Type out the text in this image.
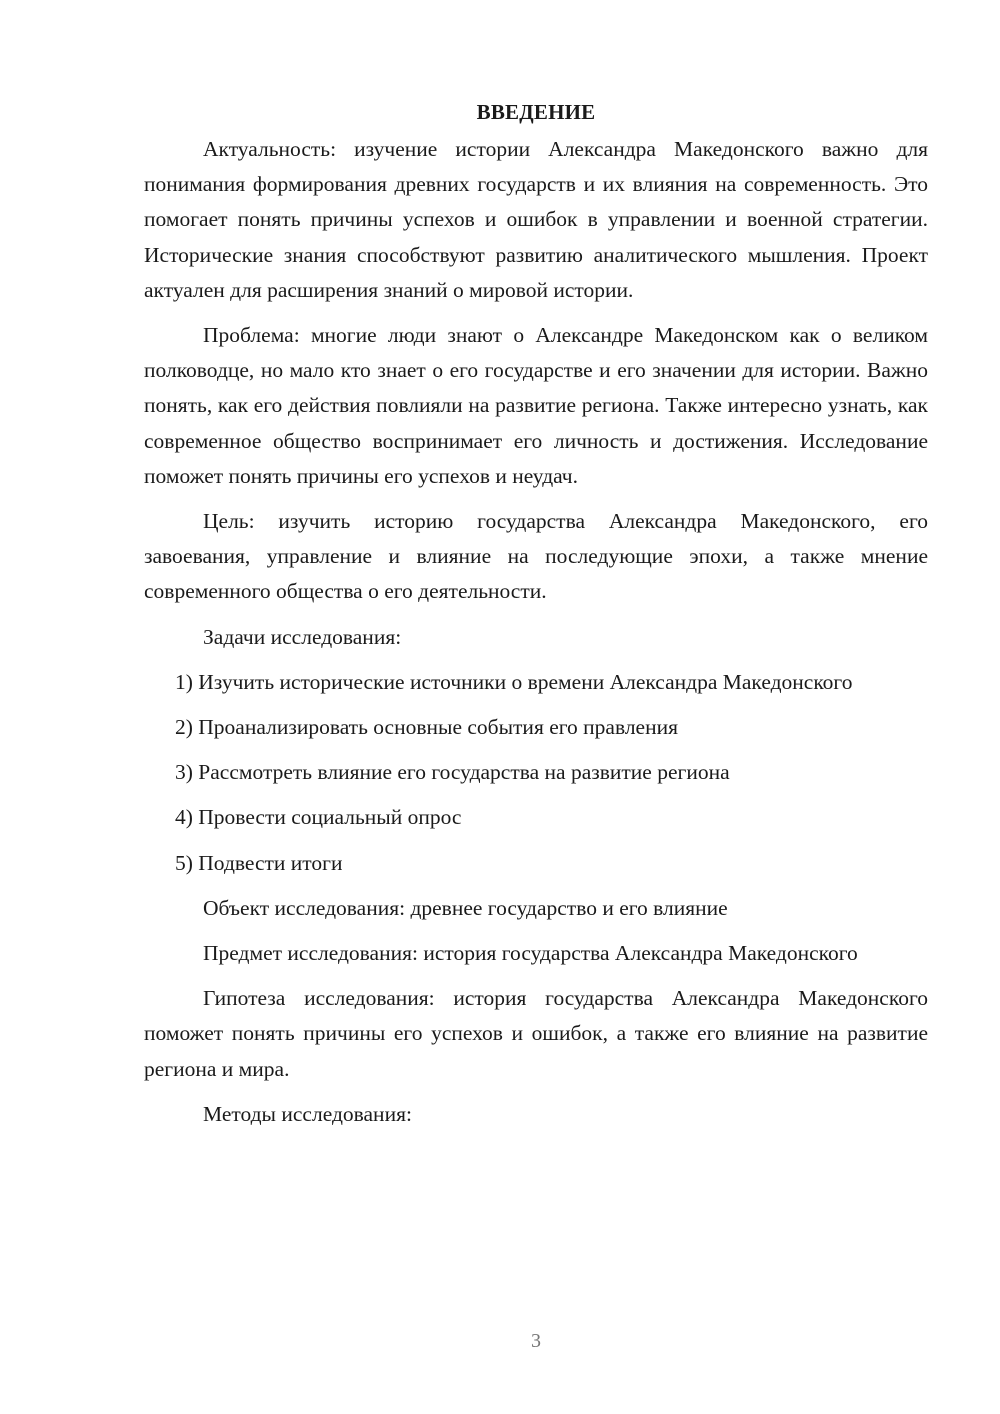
ВВЕДЕНИЕ

Актуальность: изучение истории Александра Македонского важно для понимания формирования древних государств и их влияния на современность. Это помогает понять причины успехов и ошибок в управлении и военной стратегии. Исторические знания способствуют развитию аналитического мышления. Проект актуален для расширения знаний о мировой истории.

Проблема: многие люди знают о Александре Македонском как о великом полководце, но мало кто знает о его государстве и его значении для истории. Важно понять, как его действия повлияли на развитие региона. Также интересно узнать, как современное общество воспринимает его личность и достижения. Исследование поможет понять причины его успехов и неудач.

Цель: изучить историю государства Александра Македонского, его завоевания, управление и влияние на последующие эпохи, а также мнение современного общества о его деятельности.

Задачи исследования:

1) Изучить исторические источники о времени Александра Македонского

2) Проанализировать основные события его правления

3) Рассмотреть влияние его государства на развитие региона

4) Провести социальный опрос

5) Подвести итоги

Объект исследования: древнее государство и его влияние

Предмет исследования: история государства Александра Македонского

Гипотеза исследования: история государства Александра Македонского поможет понять причины его успехов и ошибок, а также его влияние на развитие региона и мира.

Методы исследования:

3
